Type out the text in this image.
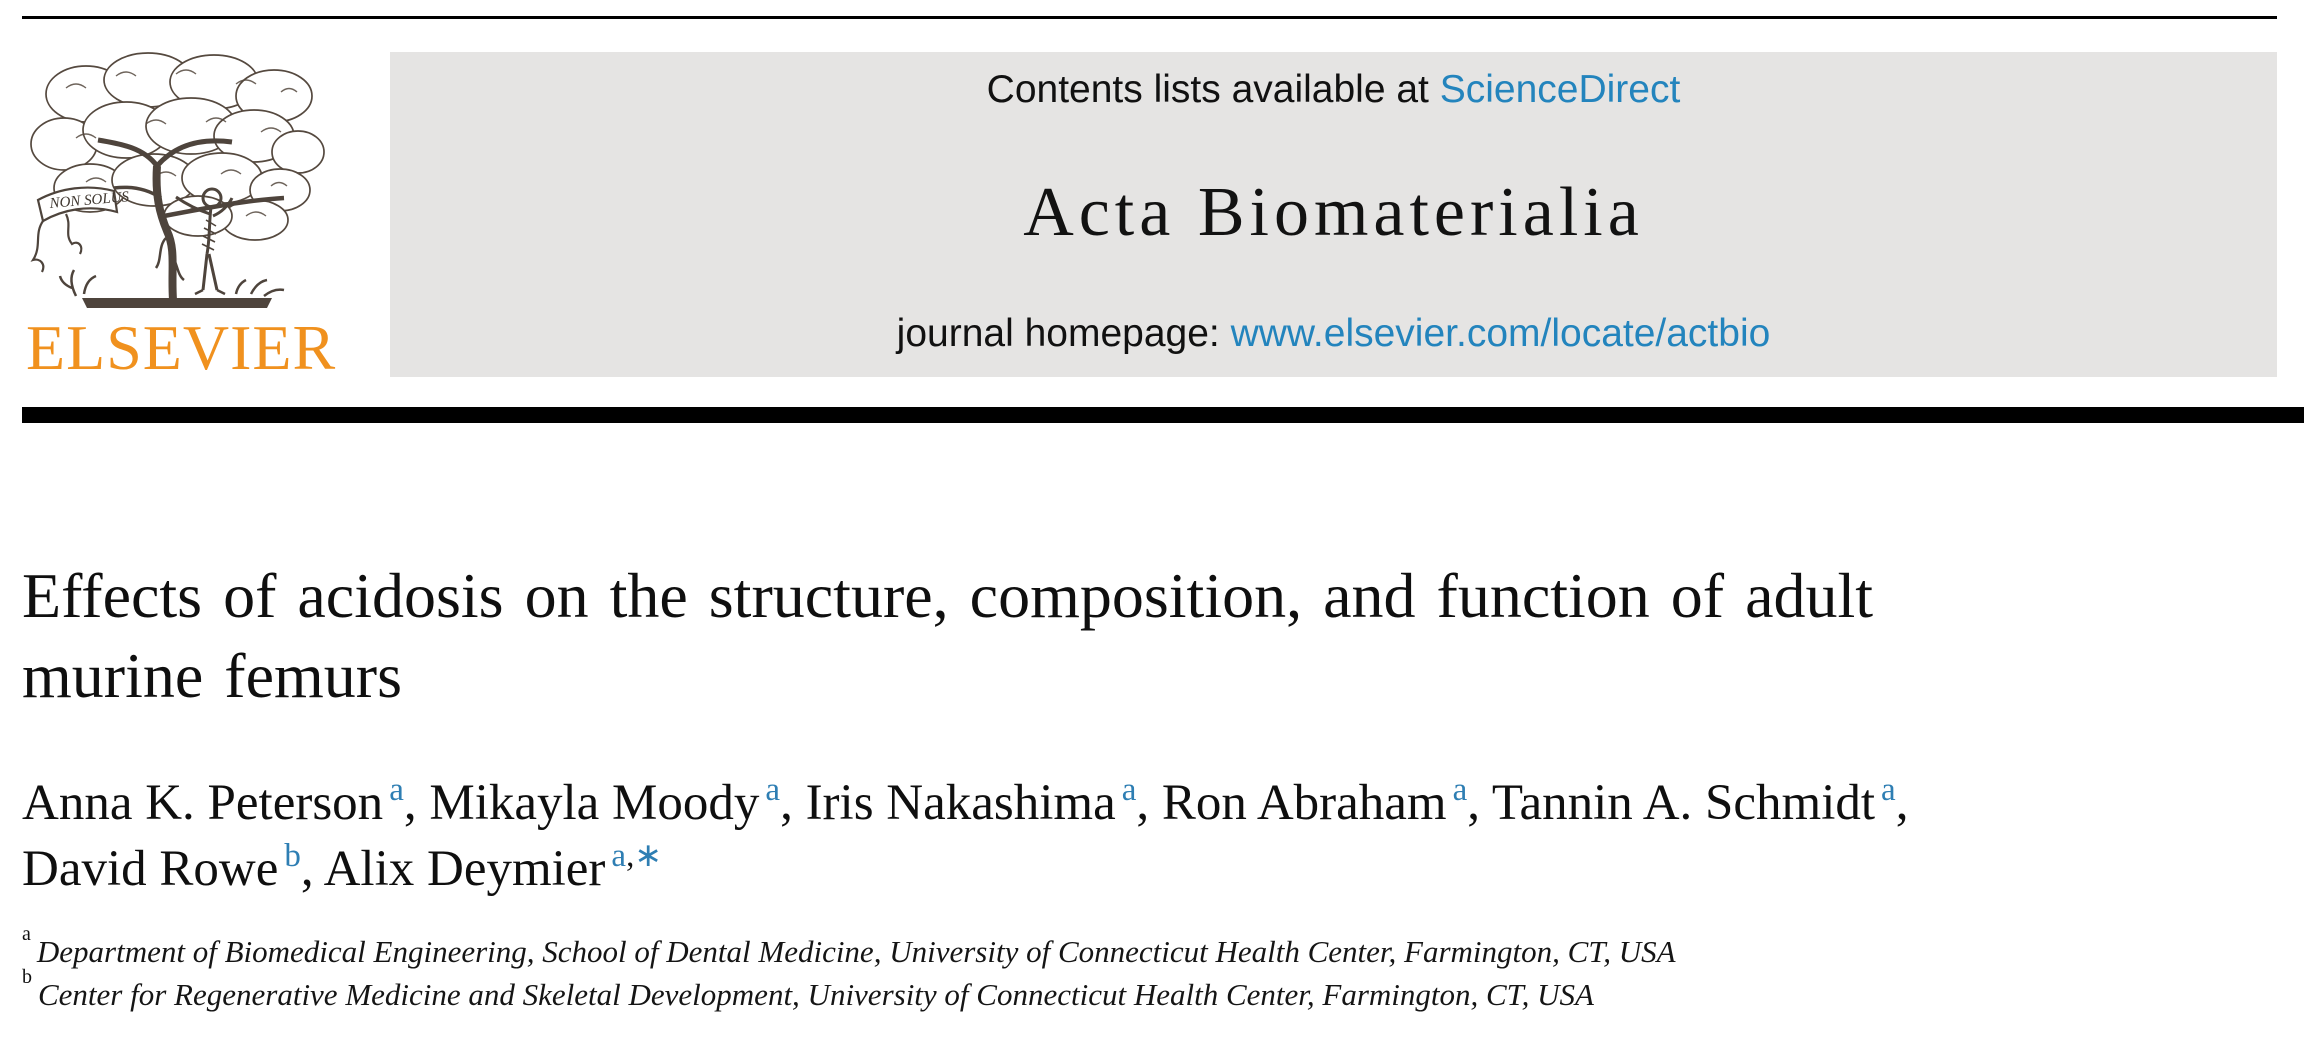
NON SOLUS
ELSEVIER
Contents lists available at ScienceDirect
Acta Biomaterialia
journal homepage: www.elsevier.com/locate/actbio
Effects of acidosis on the structure, composition, and function of adult
murine femurs
Anna K. Peterson $^a$, Mikayla Moody $^a$, Iris Nakashima $^a$, Ron Abraham $^a$, Tannin A. Schmidt $^a$,
David Rowe $^b$, Alix Deymier $^{a,∗}$
$^a$Department of Biomedical Engineering, School of Dental Medicine, University of Connecticut Health Center, Farmington, CT, USA
$^b$Center for Regenerative Medicine and Skeletal Development, University of Connecticut Health Center, Farmington, CT, USA
